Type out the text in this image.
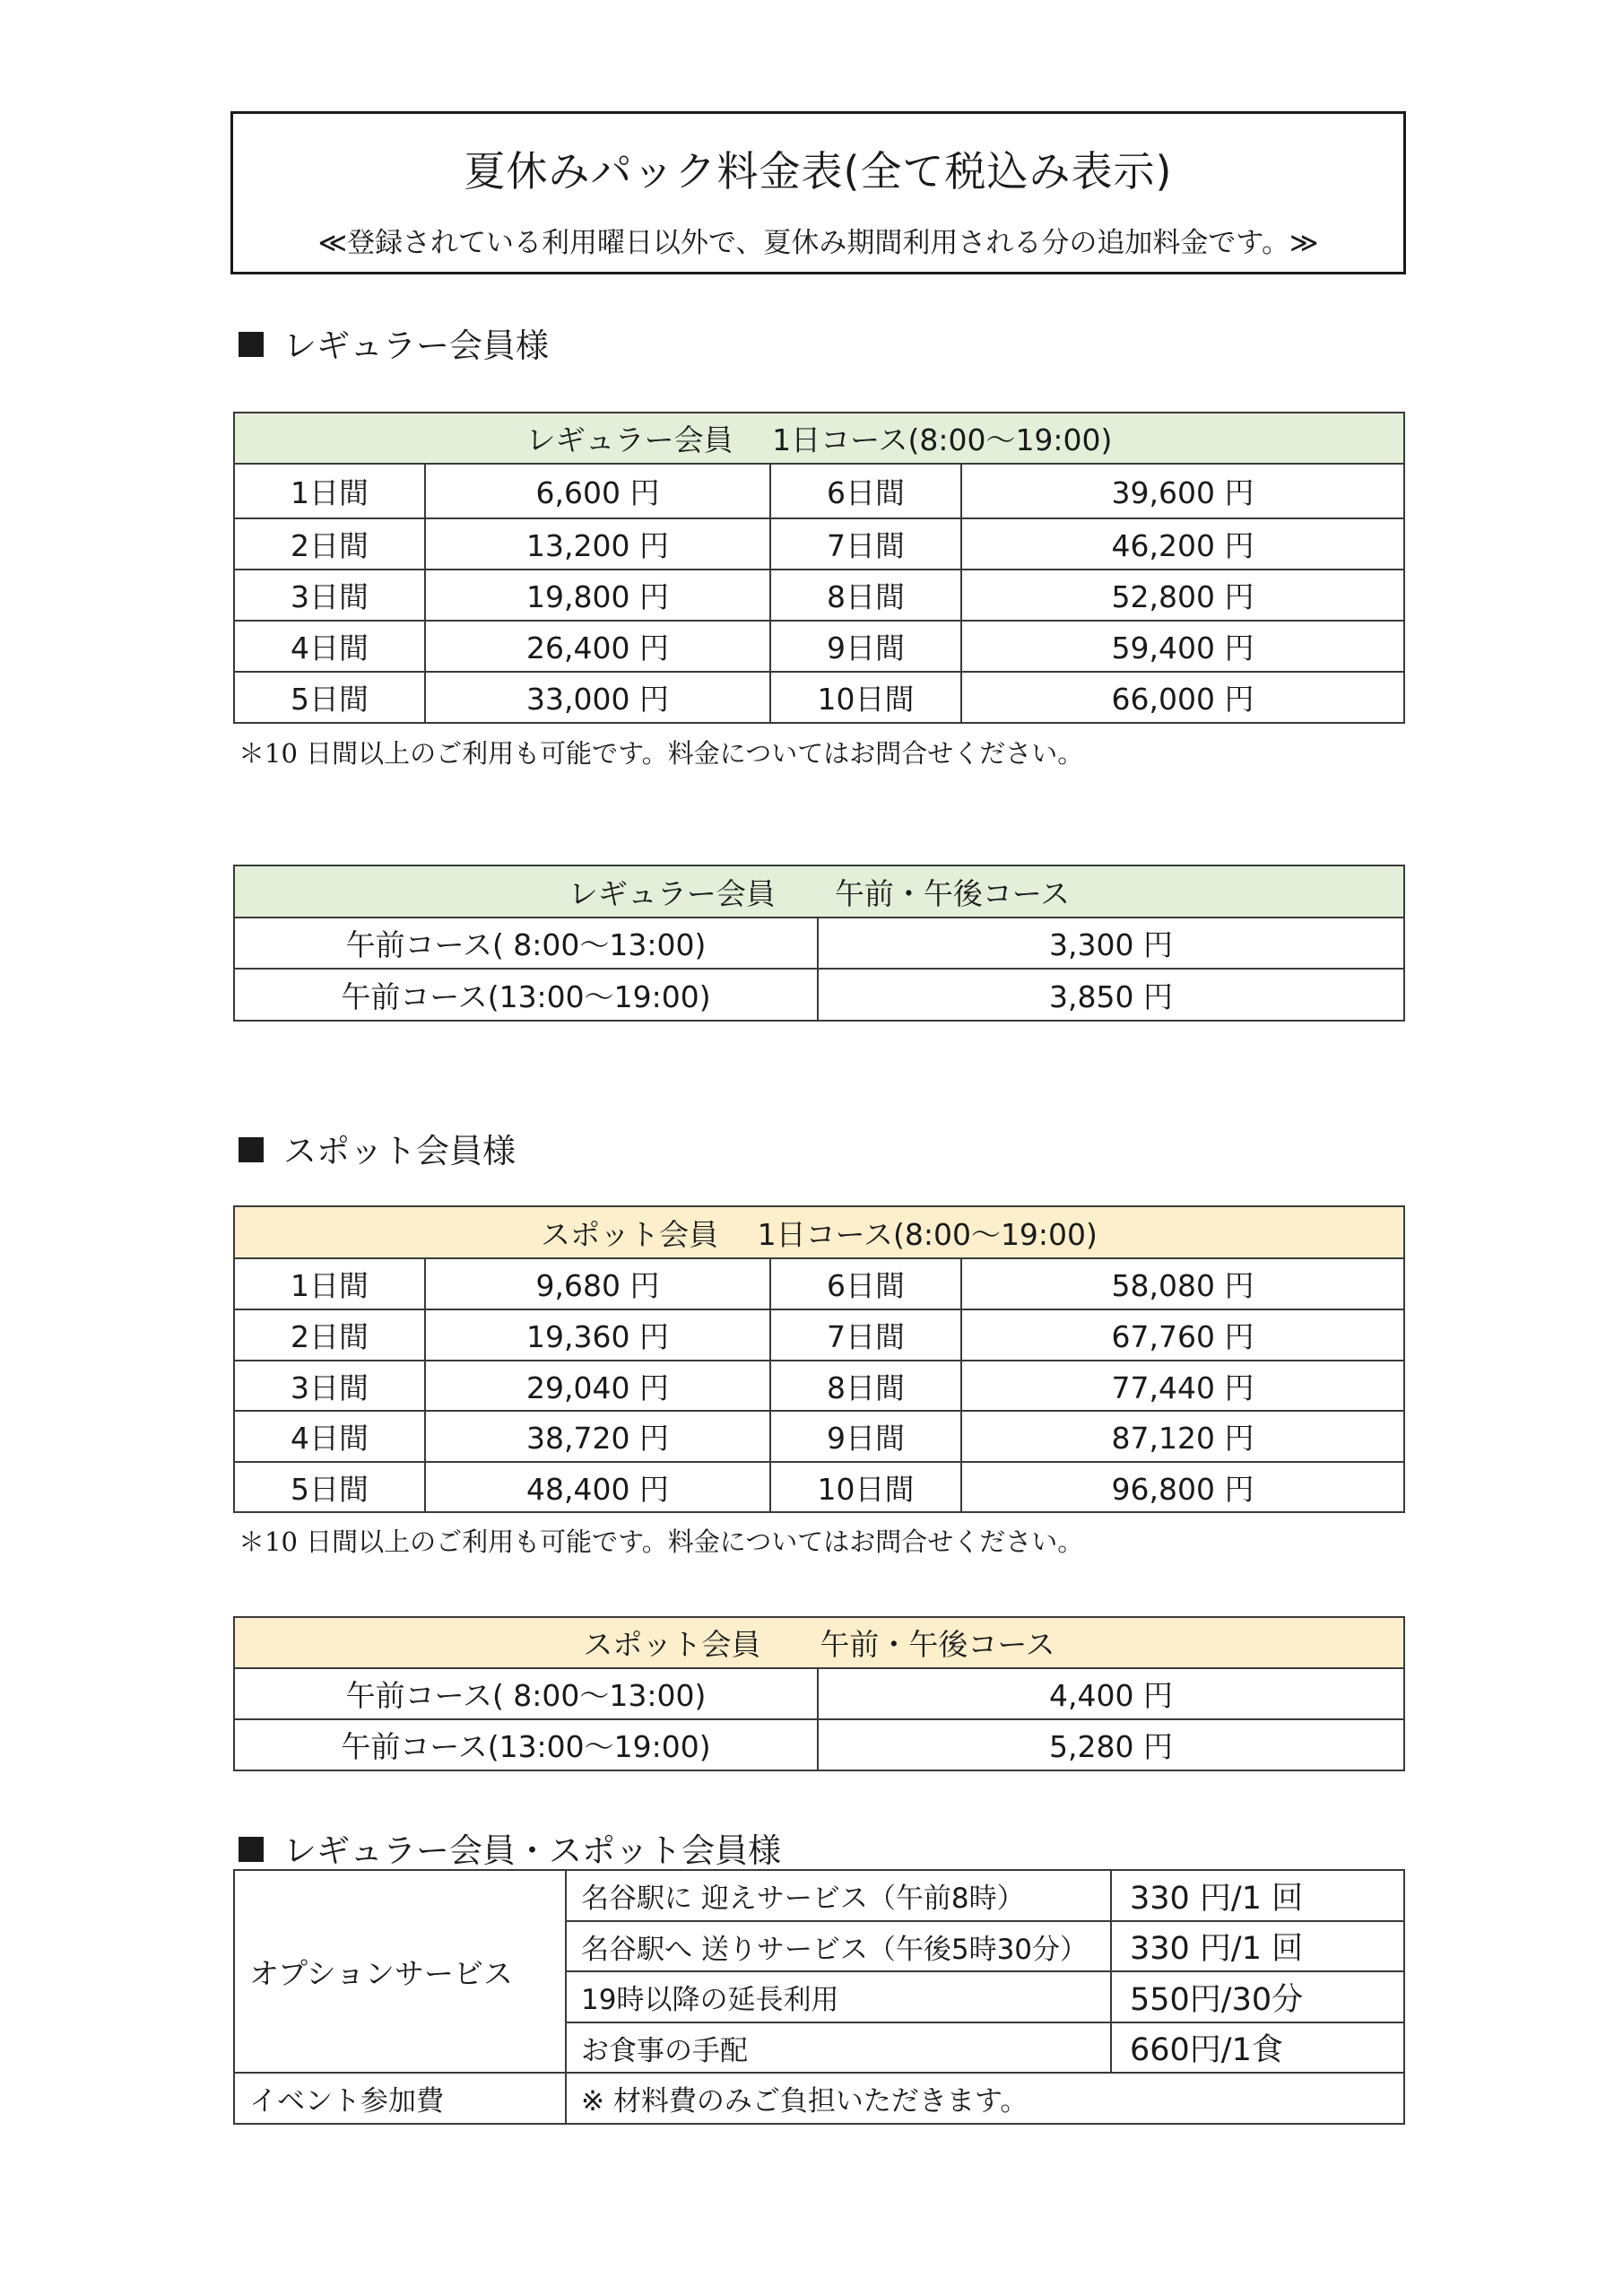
夏休みパック料金表(全て税込み表示)
≪登録されている利用曜日以外で、夏休み期間利用される分の追加料金です。≫
レギュラー会員様
レギュラー会員　 1日コース(8:00～19:00)			
1日間	6,600 円	6日間	39,600 円
2日間	13,200 円	7日間	46,200 円
3日間	19,800 円	8日間	52,800 円
4日間	26,400 円	9日間	59,400 円
5日間	33,000 円	10日間	66,000 円
＊10 日間以上のご利用も可能です。料金についてはお問合せください。
レギュラー会員　　午前・午後コース	
午前コース( 8:00～13:00)	3,300 円
午前コース(13:00～19:00)	3,850 円
スポット会員様
スポット会員　 1日コース(8:00～19:00)			
1日間	9,680 円	6日間	58,080 円
2日間	19,360 円	7日間	67,760 円
3日間	29,040 円	8日間	77,440 円
4日間	38,720 円	9日間	87,120 円
5日間	48,400 円	10日間	96,800 円
＊10 日間以上のご利用も可能です。料金についてはお問合せください。
スポット会員　　午前・午後コース	
午前コース( 8:00～13:00)	4,400 円
午前コース(13:00～19:00)	5,280 円
レギュラー会員・スポット会員様
オプションサービス	名谷駅に 迎えサービス（午前8時）	330 円/1 回
	名谷駅へ 送りサービス（午後5時30分）	330 円/1 回
	19時以降の延長利用	550円/30分
	お食事の手配	660円/1食
イベント参加費	※ 材料費のみご負担いただきます。	
